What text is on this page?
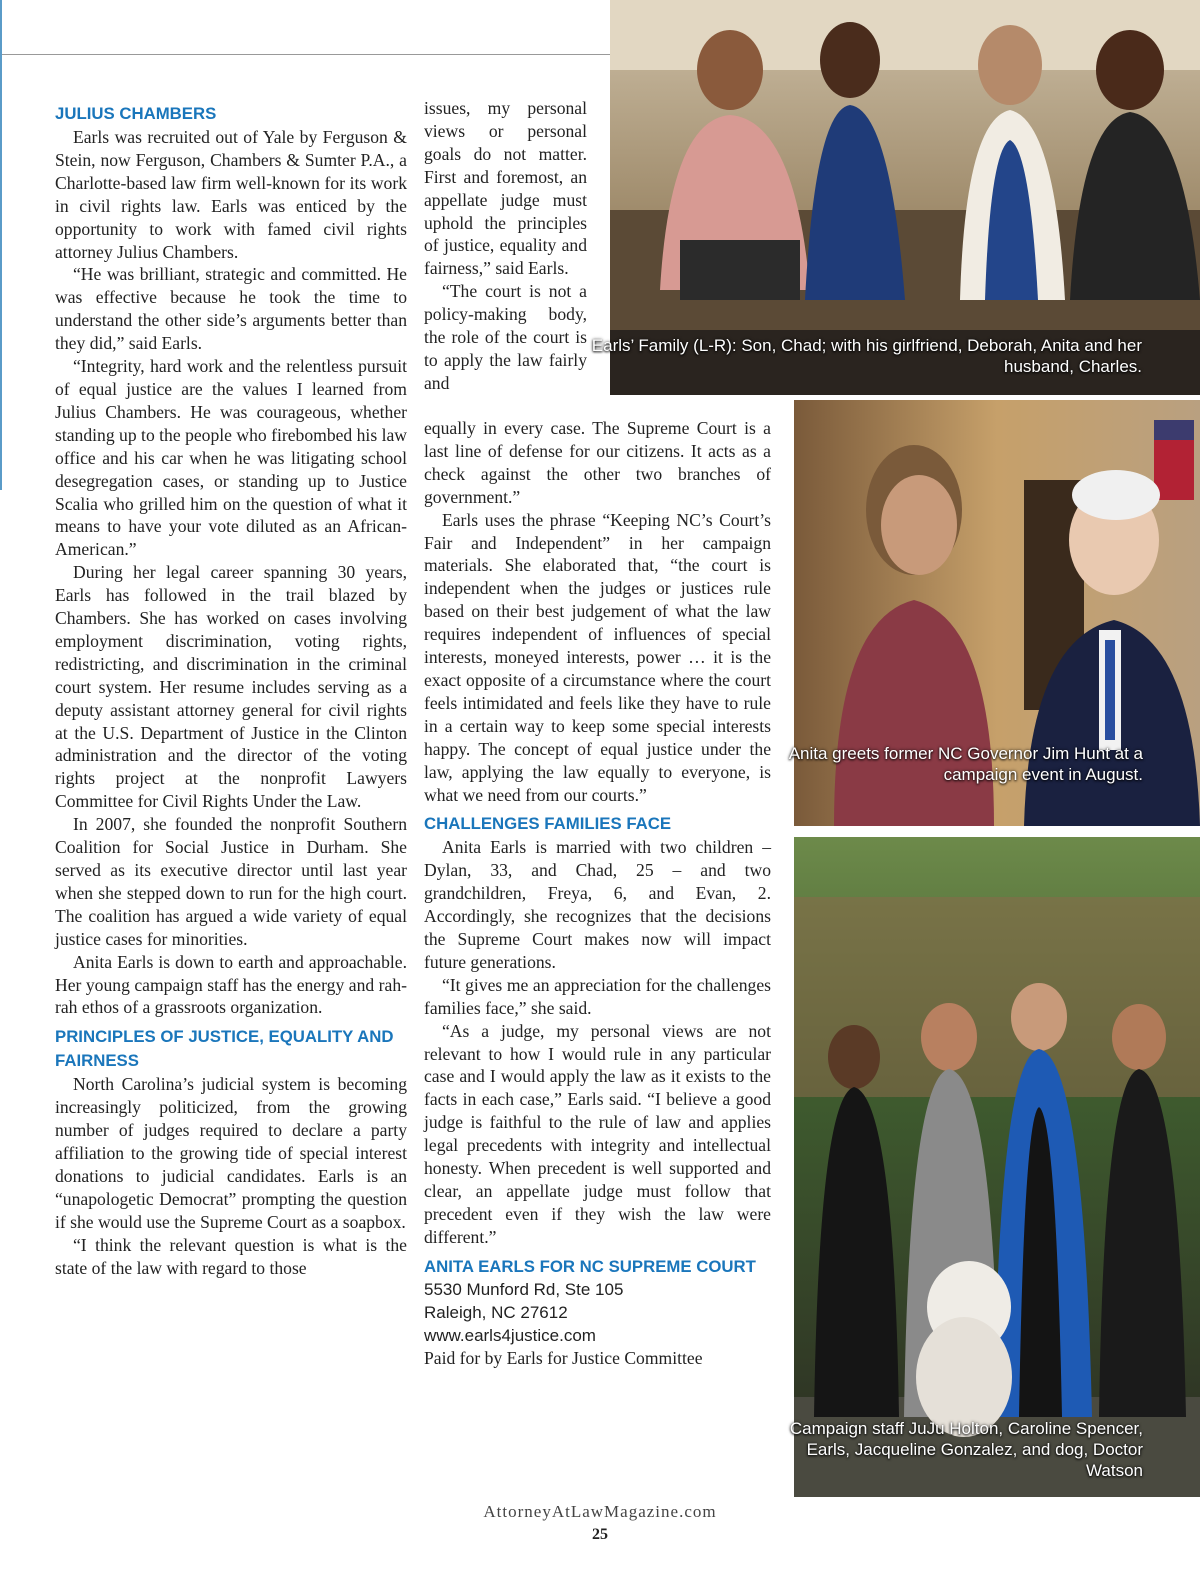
JULIUS CHAMBERS

Earls was recruited out of Yale by Ferguson & Stein, now Ferguson, Chambers & Sumter P.A., a Charlotte-based law firm well-known for its work in civil rights law. Earls was enticed by the opportunity to work with famed civil rights attorney Julius Chambers.

“He was brilliant, strategic and committed. He was effective because he took the time to understand the other side’s arguments better than they did,” said Earls.

“Integrity, hard work and the relentless pursuit of equal justice are the values I learned from Julius Chambers. He was courageous, whether standing up to the people who firebombed his law office and his car when he was litigating school desegregation cases, or standing up to Justice Scalia who grilled him on the question of what it means to have your vote diluted as an African-American.”

During her legal career spanning 30 years, Earls has followed in the trail blazed by Chambers. She has worked on cases involving employment discrimination, voting rights, redistricting, and discrimination in the criminal court system. Her resume includes serving as a deputy assistant attorney general for civil rights at the U.S. Department of Justice in the Clinton administration and the director of the voting rights project at the nonprofit Lawyers Committee for Civil Rights Under the Law.

In 2007, she founded the nonprofit Southern Coalition for Social Justice in Durham. She served as its executive director until last year when she stepped down to run for the high court. The coalition has argued a wide variety of equal justice cases for minorities.

Anita Earls is down to earth and approachable. Her young campaign staff has the energy and rah-rah ethos of a grassroots organization.

PRINCIPLES OF JUSTICE, EQUALITY AND FAIRNESS

North Carolina’s judicial system is becoming increasingly politicized, from the growing number of judges required to declare a party affiliation to the growing tide of special interest donations to judicial candidates. Earls is an “unapologetic Democrat” prompting the question if she would use the Supreme Court as a soapbox.

“I think the relevant question is what is the state of the law with regard to those

issues, my personal views or personal goals do not matter. First and foremost, an appellate judge must uphold the principles of justice, equality and fairness,” said Earls.

“The court is not a policy-making body, the role of the court is to apply the law fairly and

equally in every case. The Supreme Court is a last line of defense for our citizens. It acts as a check against the other two branches of government.”

Earls uses the phrase “Keeping NC’s Court’s Fair and Independent” in her campaign materials. She elaborated that, “the court is independent when the judges or justices rule based on their best judgement of what the law requires independent of influences of special interests, moneyed interests, power … it is the exact opposite of a circumstance where the court feels intimidated and feels like they have to rule in a certain way to keep some special interests happy. The concept of equal justice under the law, applying the law equally to everyone, is what we need from our courts.”

CHALLENGES FAMILIES FACE

Anita Earls is married with two children – Dylan, 33, and Chad, 25 – and two grandchildren, Freya, 6, and Evan, 2. Accordingly, she recognizes that the decisions the Supreme Court makes now will impact future generations.

“It gives me an appreciation for the challenges families face,” she said.

“As a judge, my personal views are not relevant to how I would rule in any particular case and I would apply the law as it exists to the facts in each case,” Earls said. “I believe a good judge is faithful to the rule of law and applies legal precedents with integrity and intellectual honesty. When precedent is well supported and clear, an appellate judge must follow that precedent even if they wish the law were different.”

ANITA EARLS FOR NC SUPREME COURT

5530 Munford Rd, Ste 105

Raleigh, NC 27612

www.earls4justice.com

Paid for by Earls for Justice Committee

Earls’ Family (L-R): Son, Chad; with his girlfriend, Deborah, Anita and her husband, Charles.
Anita greets former NC Governor Jim Hunt at a campaign event in August.
Campaign staff JuJu Holton, Caroline Spencer, Earls, Jacqueline Gonzalez, and dog, Doctor Watson
AttorneyAtLawMagazine.com
25
